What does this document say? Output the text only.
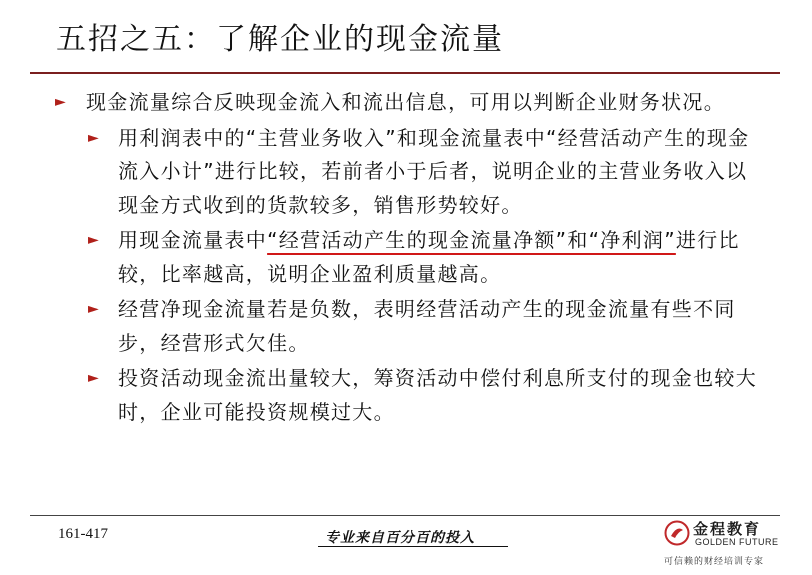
五招之五：了解企业的现金流量
► 现金流量综合反映现金流入和流出信息，可用以判断企业财务状况。
► 用利润表中的“主营业务收入”和现金流量表中“经营活动产生的现金流入小计”进行比较，若前者小于后者，说明企业的主营业务收入以现金方式收到的货款较多，销售形势较好。
► 用现金流量表中“经营活动产生的现金流量净额”和“净利润”进行比较，比率越高，说明企业盈利质量越高。
► 经营净现金流量若是负数，表明经营活动产生的现金流量有些不同步，经营形式欠佳。
► 投资活动现金流出量较大，筹资活动中偿付利息所支付的现金也较大时，企业可能投资规模过大。
161-417	专业来自百分百的投入	金程教育
GOLDEN FUTURE
可信赖的财经培训专家
